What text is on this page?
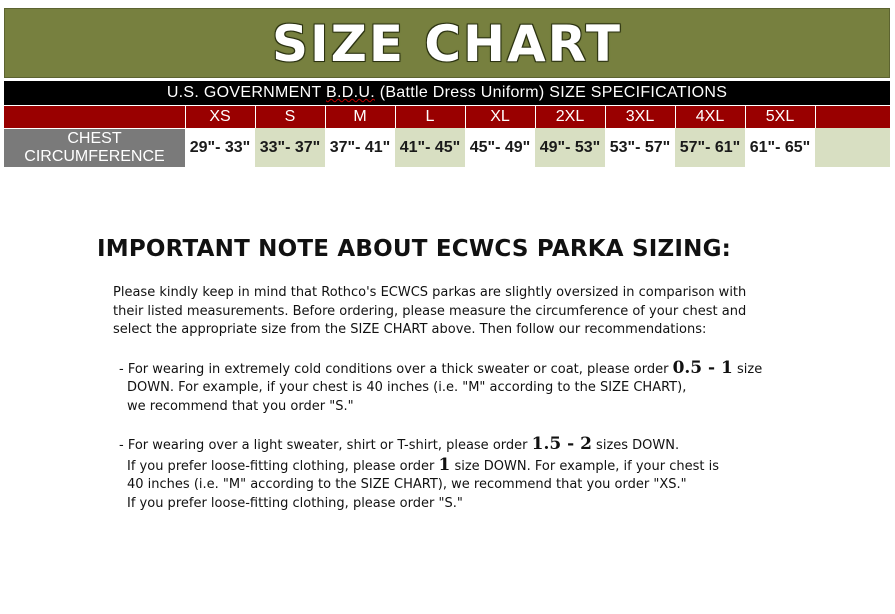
SIZE CHART
U.S. GOVERNMENT B.D.U. (Battle Dress Uniform) SIZE SPECIFICATIONS
	XS	S	M	L	XL	2XL	3XL	4XL	5XL	
CHEST
CIRCUMFERENCE	29"- 33"	33"- 37"	37"- 41"	41"- 45"	45"- 49"	49"- 53"	53"- 57"	57"- 61"	61"- 65"	
IMPORTANT NOTE ABOUT ECWCS PARKA SIZING:

Please kindly keep in mind that Rothco's ECWCS parkas are slightly oversized in comparison with

their listed measurements. Before ordering, please measure the circumference of your chest and

select the appropriate size from the SIZE CHART above. Then follow our recommendations:

- For wearing in extremely cold conditions over a thick sweater or coat, please order 0.5 - 1 size

DOWN. For example, if your chest is 40 inches (i.e. "M" according to the SIZE CHART),

we recommend that you order "S."

- For wearing over a light sweater, shirt or T-shirt, please order 1.5 - 2 sizes DOWN.

If you prefer loose-fitting clothing, please order 1 size DOWN. For example, if your chest is

40 inches (i.e. "M" according to the SIZE CHART), we recommend that you order "XS."

If you prefer loose-fitting clothing, please order "S."
